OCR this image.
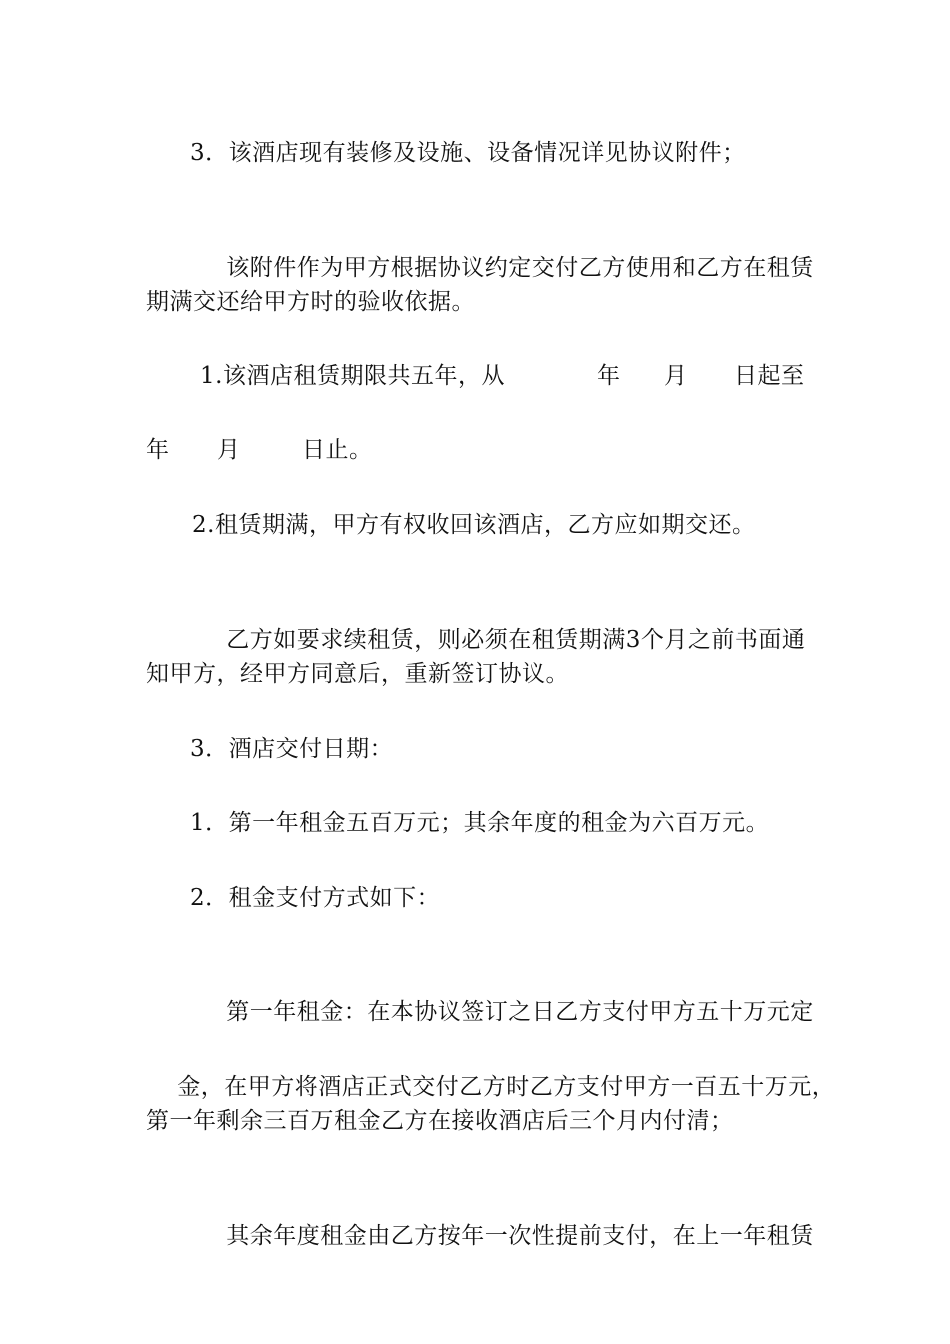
3．该酒店现有装修及设施、设备情况详见协议附件；

该附件作为甲方根据协议约定交付乙方使用和乙方在租赁

期满交还给甲方时的验收依据。

1.该酒店租赁期限共五年，从

	年

月

日起至

年

月

	日止。

2.租赁期满，甲方有权收回该酒店，乙方应如期交还。

乙方如要求续租赁，则必须在租赁期满3个月之前书面通

知甲方，经甲方同意后，重新签订协议。

3．酒店交付日期：

1．第一年租金五百万元；其余年度的租金为六百万元。

2．租金支付方式如下：

第一年租金：在本协议签订之日乙方支付甲方五十万元定

金，在甲方将酒店正式交付乙方时乙方支付甲方一百五十万元，

第一年剩余三百万租金乙方在接收酒店后三个月内付清；

其余年度租金由乙方按年一次性提前支付，在上一年租赁
